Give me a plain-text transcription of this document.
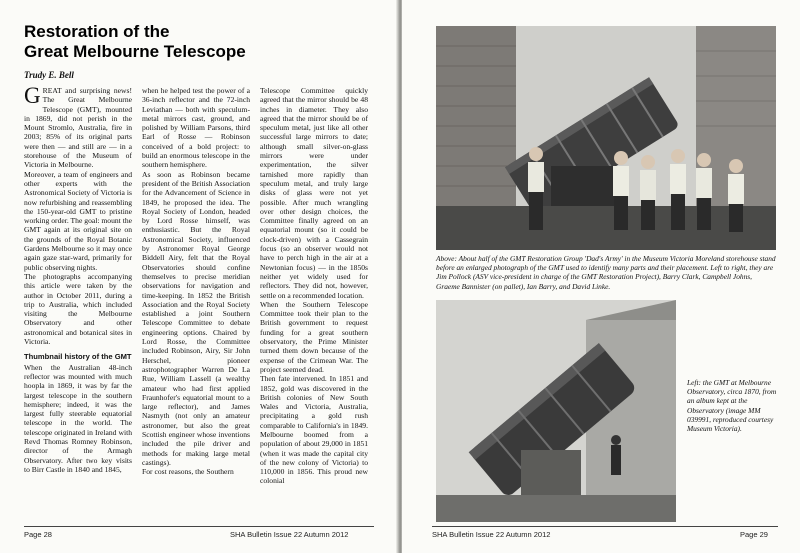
Restoration of the
Great Melbourne Telescope
Trudy E. Bell

GREAT and surprising news! The Great Melbourne Telescope (GMT), mounted in 1869, did not perish in the Mount Stromlo, Australia, fire in 2003; 85% of its original parts were then — and still are — in a storehouse of the Museum of Victoria in Melbourne.

Moreover, a team of engineers and other experts with the Astronomical Society of Victoria is now refurbishing and reassembling the 150-year-old GMT to pristine working order. The goal: mount the GMT again at its original site on the grounds of the Royal Botanic Gardens Melbourne so it may once again gaze star-ward, primarily for public observing nights.

The photographs accompanying this article were taken by the author in October 2011, during a trip to Australia, which included visiting the Melbourne Observatory and other astronomical and botanical sites in Victoria.

Thumbnail history of the GMT

When the Australian 48-inch reflector was mounted with much hoopla in 1869, it was by far the largest telescope in the southern hemisphere; indeed, it was the largest fully steerable equatorial telescope in the world. The telescope originated in Ireland with Revd Thomas Romney Robinson, director of the Armagh Observatory. After two key visits to Birr Castle in 1840 and 1845,

when he helped test the power of a 36-inch reflector and the 72-inch Leviathan — both with speculum-metal mirrors cast, ground, and polished by William Parsons, third Earl of Rosse — Robinson conceived of a bold project: to build an enormous telescope in the southern hemisphere.

As soon as Robinson became president of the British Association for the Advancement of Science in 1849, he proposed the idea. The Royal Society of London, headed by Lord Rosse himself, was enthusiastic. But the Royal Astronomical Society, influenced by Astronomer Royal George Biddell Airy, felt that the Royal Observatories should confine themselves to precise meridian observations for navigation and time-keeping. In 1852 the British Association and the Royal Society established a joint Southern Telescope Committee to debate engineering options. Chaired by Lord Rosse, the Committee included Robinson, Airy, Sir John Herschel, pioneer astrophotographer Warren De La Rue, William Lassell (a wealthy amateur who had first applied Fraunhofer's equatorial mount to a large reflector), and James Nasmyth (not only an amateur astronomer, but also the great Scottish engineer whose inventions included the pile driver and methods for making large metal castings).

For cost reasons, the Southern

Telescope Committee quickly agreed that the mirror should be 48 inches in diameter. They also agreed that the mirror should be of speculum metal, just like all other successful large mirrors to date; although small silver-on-glass mirrors were under experimentation, the silver tarnished more rapidly than speculum metal, and truly large disks of glass were not yet possible. After much wrangling over other design choices, the Committee finally agreed on an equatorial mount (so it could be clock-driven) with a Cassegrain focus (so an observer would not have to perch high in the air at a Newtonian focus) — in the 1850s neither yet widely used for reflectors. They did not, however, settle on a recommended location.

When the Southern Telescope Committee took their plan to the British government to request funding for a great southern observatory, the Prime Minister turned them down because of the expense of the Crimean War. The project seemed dead.

Then fate intervened. In 1851 and 1852, gold was discovered in the British colonies of New South Wales and Victoria, Australia, precipitating a gold rush comparable to California's in 1849. Melbourne boomed from a population of about 29,000 in 1851 (when it was made the capital city of the new colony of Victoria) to 110,000 in 1856. This proud new colonial

Page 28	SHA Bulletin Issue 22 Autumn 2012
Above: About half of the GMT Restoration Group 'Dad's Army' in the Museum Victoria Moreland storehouse stand before an enlarged photograph of the GMT used to identify many parts and their placement. Left to right, they are Jim Pollock (ASV vice-president in charge of the GMT Restoration Project), Barry Clark, Campbell Johns, Graeme Bannister (on pallet), Ian Barry, and David Linke.
Left: the GMT at Melbourne Observatory, circa 1870, from an album kept at the Observatory (image MM 039991, reproduced courtesy Museum Victoria).
SHA Bulletin Issue 22 Autumn 2012	Page 29
